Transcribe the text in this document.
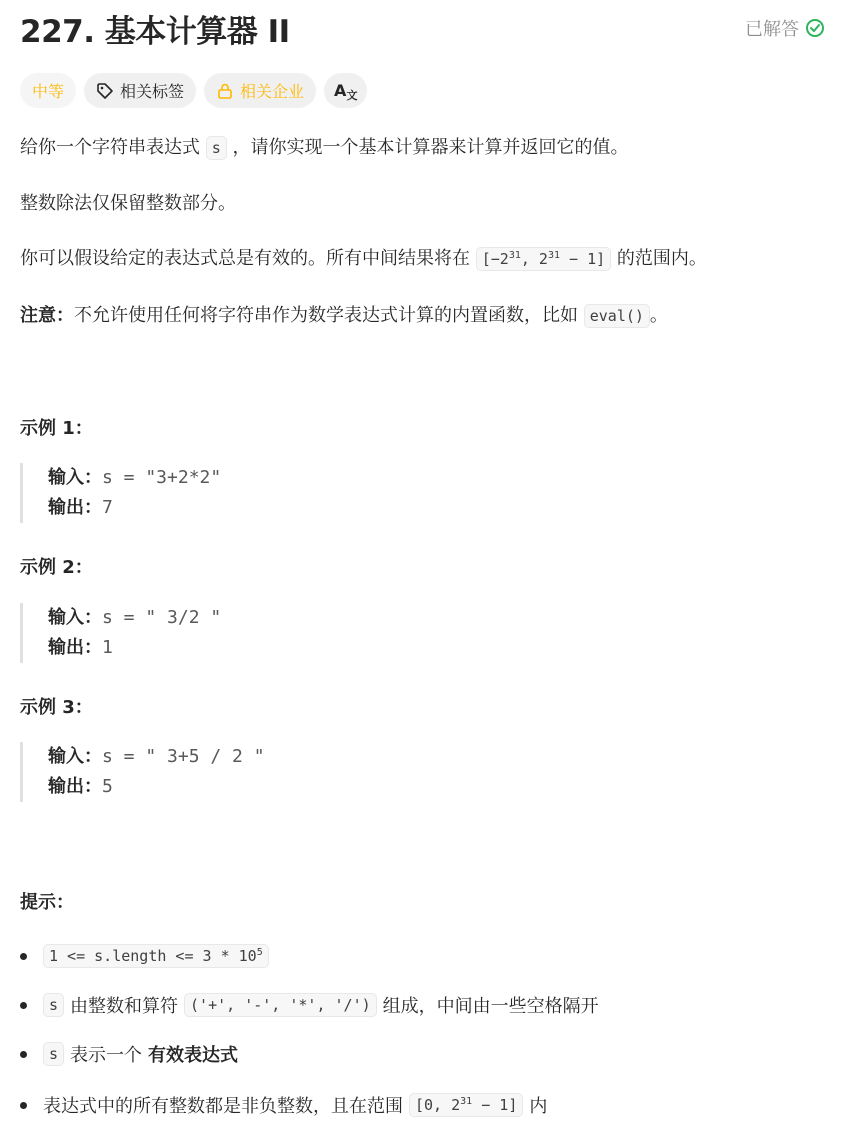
227. 基本计算器 II	已解答
中等	相关标签	相关企业 A文
给你一个字符串表达式 s ，请你实现一个基本计算器来计算并返回它的值。
整数除法仅保留整数部分。
你可以假设给定的表达式总是有效的。所有中间结果将在 [$-2^{31}$, $2^{31} - 1$] 的范围内。
注意：不允许使用任何将字符串作为数学表达式计算的内置函数，比如 eval() 。
示例 1：
输入：s = "3+2*2"
输出：7
示例 2：
输入：s = " 3/2 "
输出：1
示例 3：
输入：s = " 3+5 / 2 "
输出：5
提示：
1 <= s.length <= $3 * 10^5$
s 由整数和算符 ('+', '-', '*', '/') 组成，中间由一些空格隔开
s 表示一个 有效表达式
表达式中的所有整数都是非负整数，且在范围 [0, $2^{31} - 1$] 内
